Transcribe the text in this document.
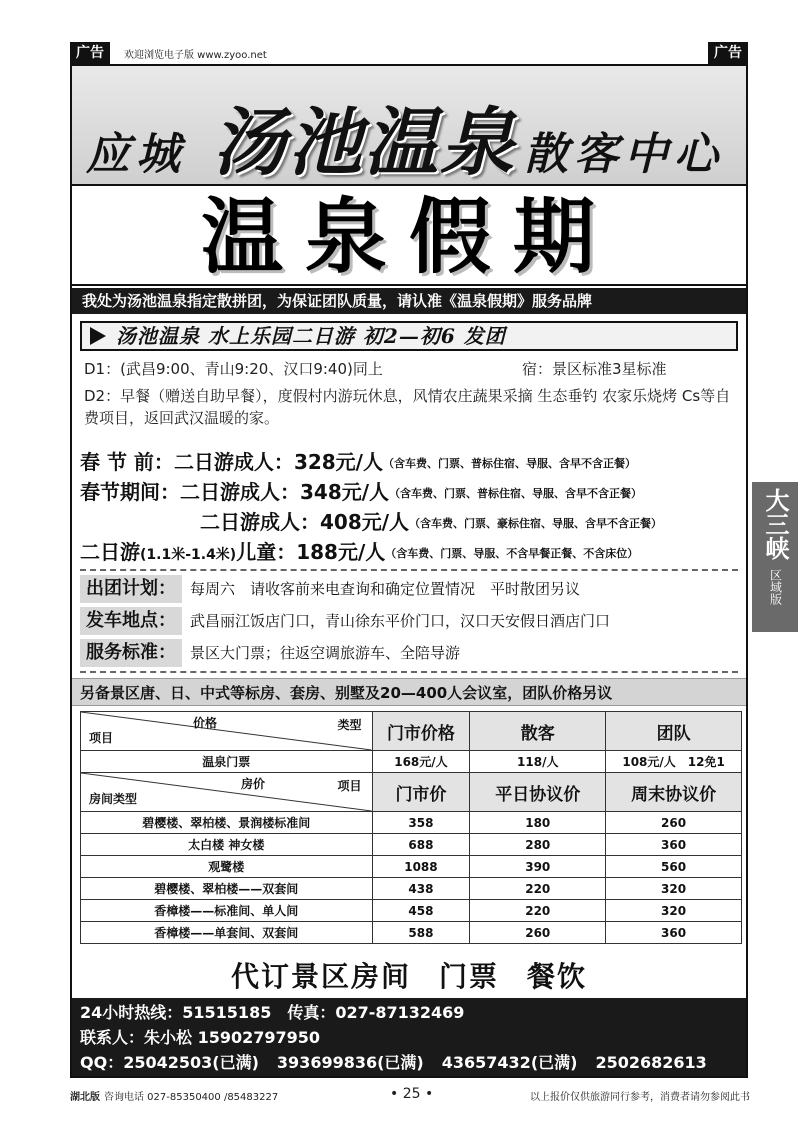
广告	欢迎浏览电子版 www.zyoo.net	广告
应城 汤池温泉 散客中心
温泉假期
我处为汤池温泉指定散拼团，为保证团队质量，请认准《温泉假期》服务品牌
汤池温泉 水上乐园二日游 初2—初6 发团
D1：(武昌9:00、青山9:20、汉口9:40)同上	宿：景区标准3星标准
D2：早餐（赠送自助早餐），度假村内游玩休息，风情农庄蔬果采摘 生态垂钓 农家乐烧烤 Cs等自费项目，返回武汉温暖的家。
春 节 前：二日游成人：328元/人（含车费、门票、普标住宿、导服、含早不含正餐）
春节期间：二日游成人：348元/人（含车费、门票、普标住宿、导服、含早不含正餐）
二日游成人：408元/人（含车费、门票、豪标住宿、导服、含早不含正餐）
二日游(1.1米-1.4米)儿童：188元/人（含车费、门票、导服、不含早餐正餐、不含床位）
出团计划： 每周六　请收客前来电查询和确定位置情况　平时散团另议
发车地点： 武昌丽江饭店门口，青山徐东平价门口，汉口天安假日酒店门口
服务标准： 景区大门票；往返空调旅游车、全陪导游
另备景区唐、日、中式等标房、套房、别墅及20—400人会议室，团队价格另议
价格 类型
项目	门市价格	散客	团队
温泉门票	168元/人	118/人	108元/人　12免1

房价 项目
房间类型	门市价	平日协议价	周末协议价
碧樱楼、翠柏楼、景润楼标准间	358	180	260
太白楼 神女楼	688	280	360
观鹭楼	1088	390	560
碧樱楼、翠柏楼——双套间	438	220	320
香樟楼——标准间、单人间	458	220	320
香樟楼——单套间、双套间	588	260	360
代订景区房间 门票 餐饮
24小时热线：51515185　传真：027-87132469
联系人：朱小松 15902797950
QQ：25042503(已满) 393699836(已满) 43657432(已满) 2502682613
大三峡
区域版
湖北版 咨询电话 027-85350400 /85483227	• 25 •	以上报价仅供旅游同行参考，消费者请勿参阅此书
